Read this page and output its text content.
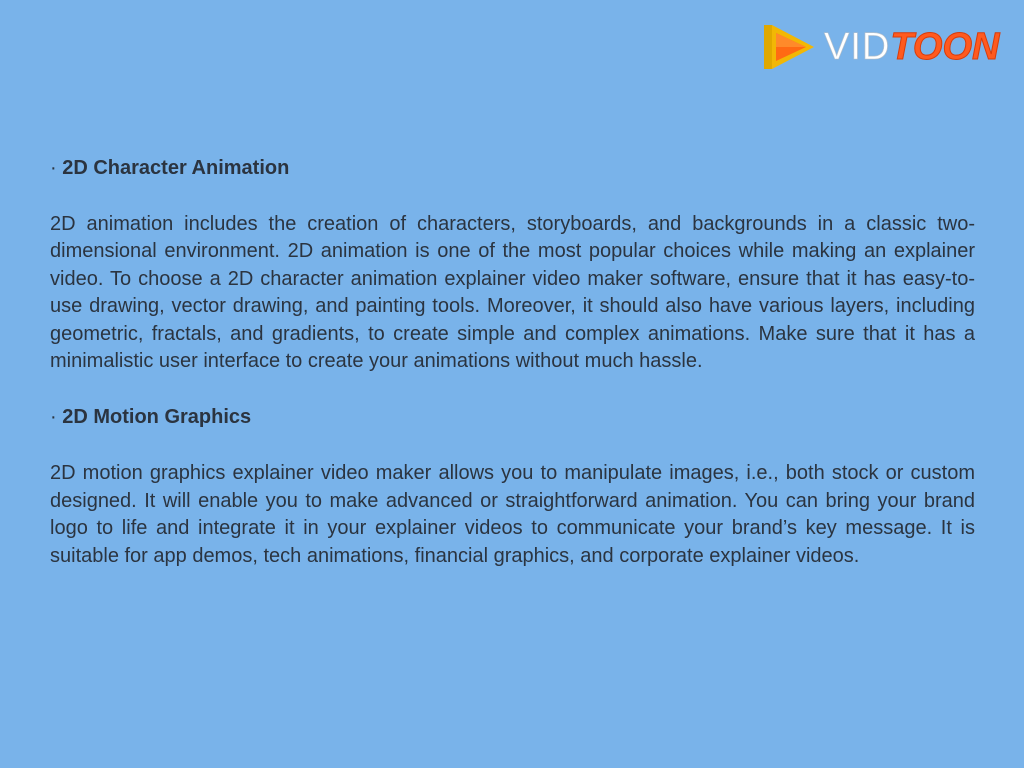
VID TOON
· 2D Character Animation

2D animation includes the creation of characters, storyboards, and backgrounds in a classic two-dimensional environment. 2D animation is one of the most popular choices while making an explainer video. To choose a 2D character animation explainer video maker software, ensure that it has easy-to-use drawing, vector drawing, and painting tools. Moreover, it should also have various layers, including geometric, fractals, and gradients, to create simple and complex animations. Make sure that it has a minimalistic user interface to create your animations without much hassle.

· 2D Motion Graphics

2D motion graphics explainer video maker allows you to manipulate images, i.e., both stock or custom designed. It will enable you to make advanced or straightforward animation. You can bring your brand logo to life and integrate it in your explainer videos to communicate your brand’s key message. It is suitable for app demos, tech animations, financial graphics, and corporate explainer videos.
